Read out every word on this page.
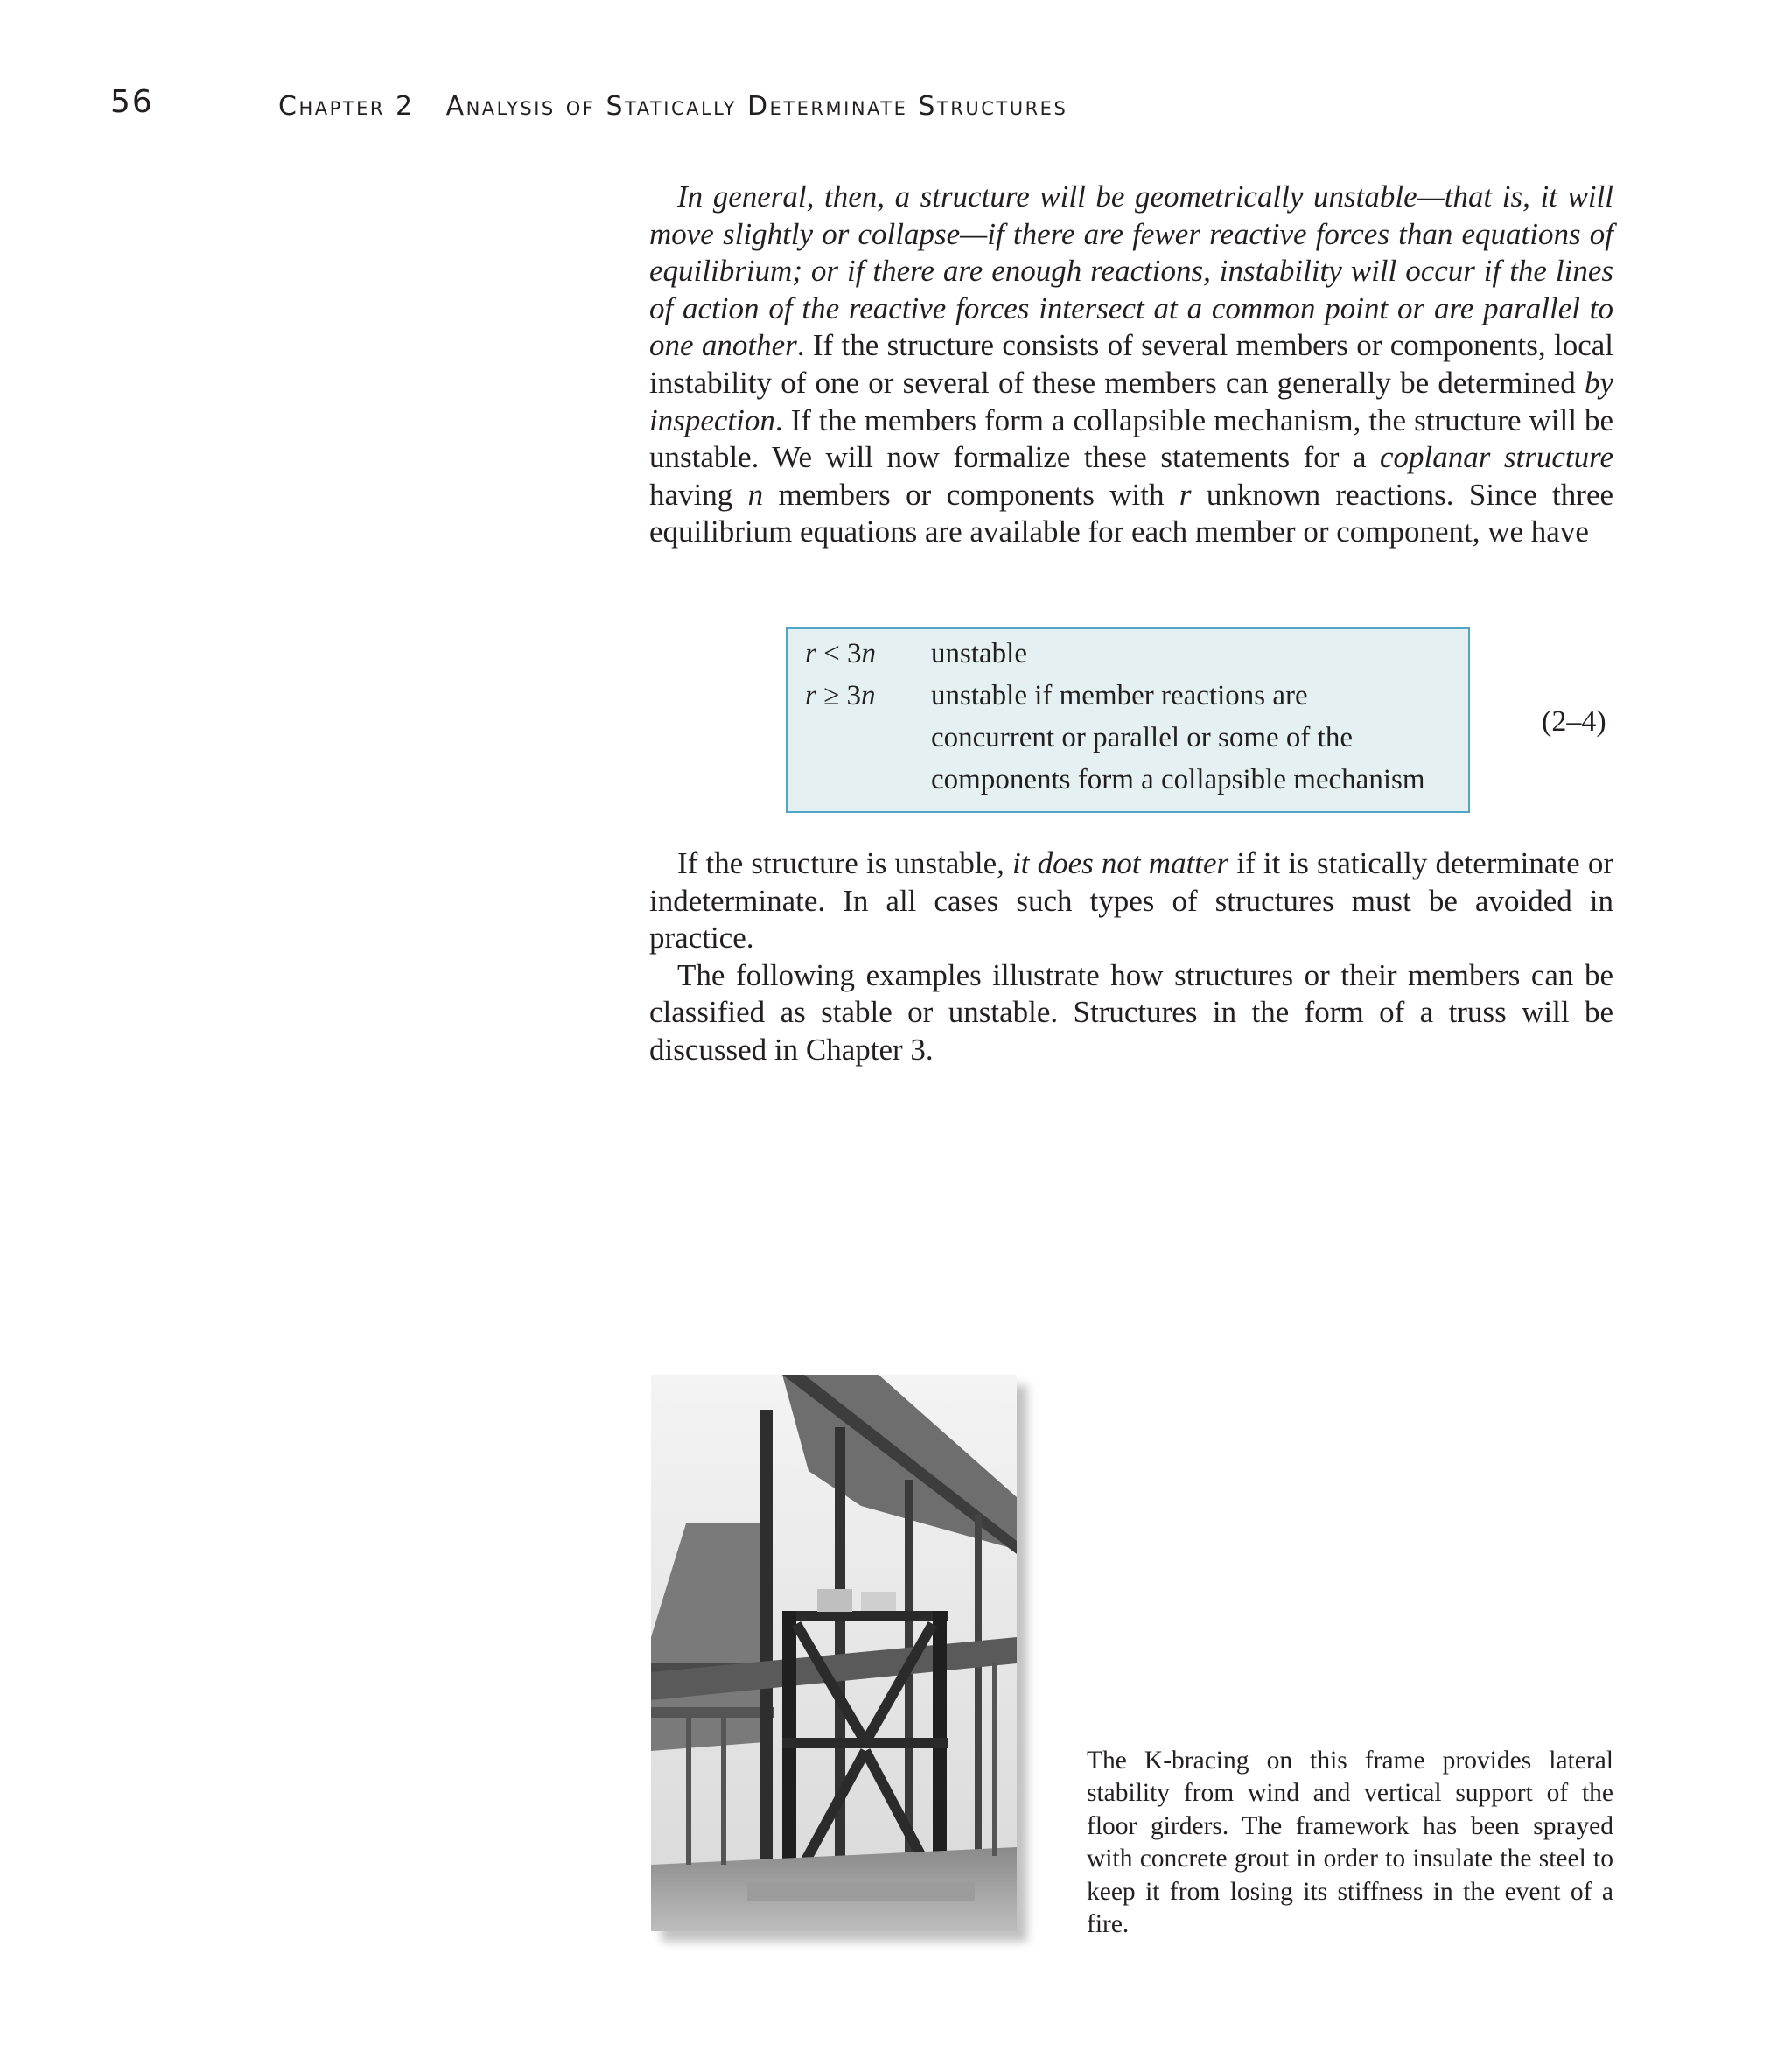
56	Chapter 2 Analysis of Statically Determinate Structures

In general, then, a structure will be geometrically unstable—that is, it will move slightly or collapse—if there are fewer reactive forces than equations of equilibrium; or if there are enough reactions, instability will occur if the lines of action of the reactive forces intersect at a common point or are parallel to one another. If the structure consists of several members or components, local instability of one or several of these members can generally be determined by inspection. If the members form a collapsible mechanism, the structure will be unstable. We will now formalize these statements for a coplanar structure having n members or components with r unknown reactions. Since three equilibrium equations are available for each member or component, we have

r < 3n unstable
r ≥ 3n unstable if member reactions are
concurrent or parallel or some of the
components form a collapsible mechanism
(2–4)

If the structure is unstable, it does not matter if it is statically determinate or indeterminate. In all cases such types of structures must be avoided in practice.

The following examples illustrate how structures or their members can be classified as stable or unstable. Structures in the form of a truss will be discussed in Chapter 3.

The K-bracing on this frame provides lateral stability from wind and vertical support of the floor girders. The framework has been sprayed with concrete grout in order to insulate the steel to keep it from losing its stiffness in the event of a fire.
